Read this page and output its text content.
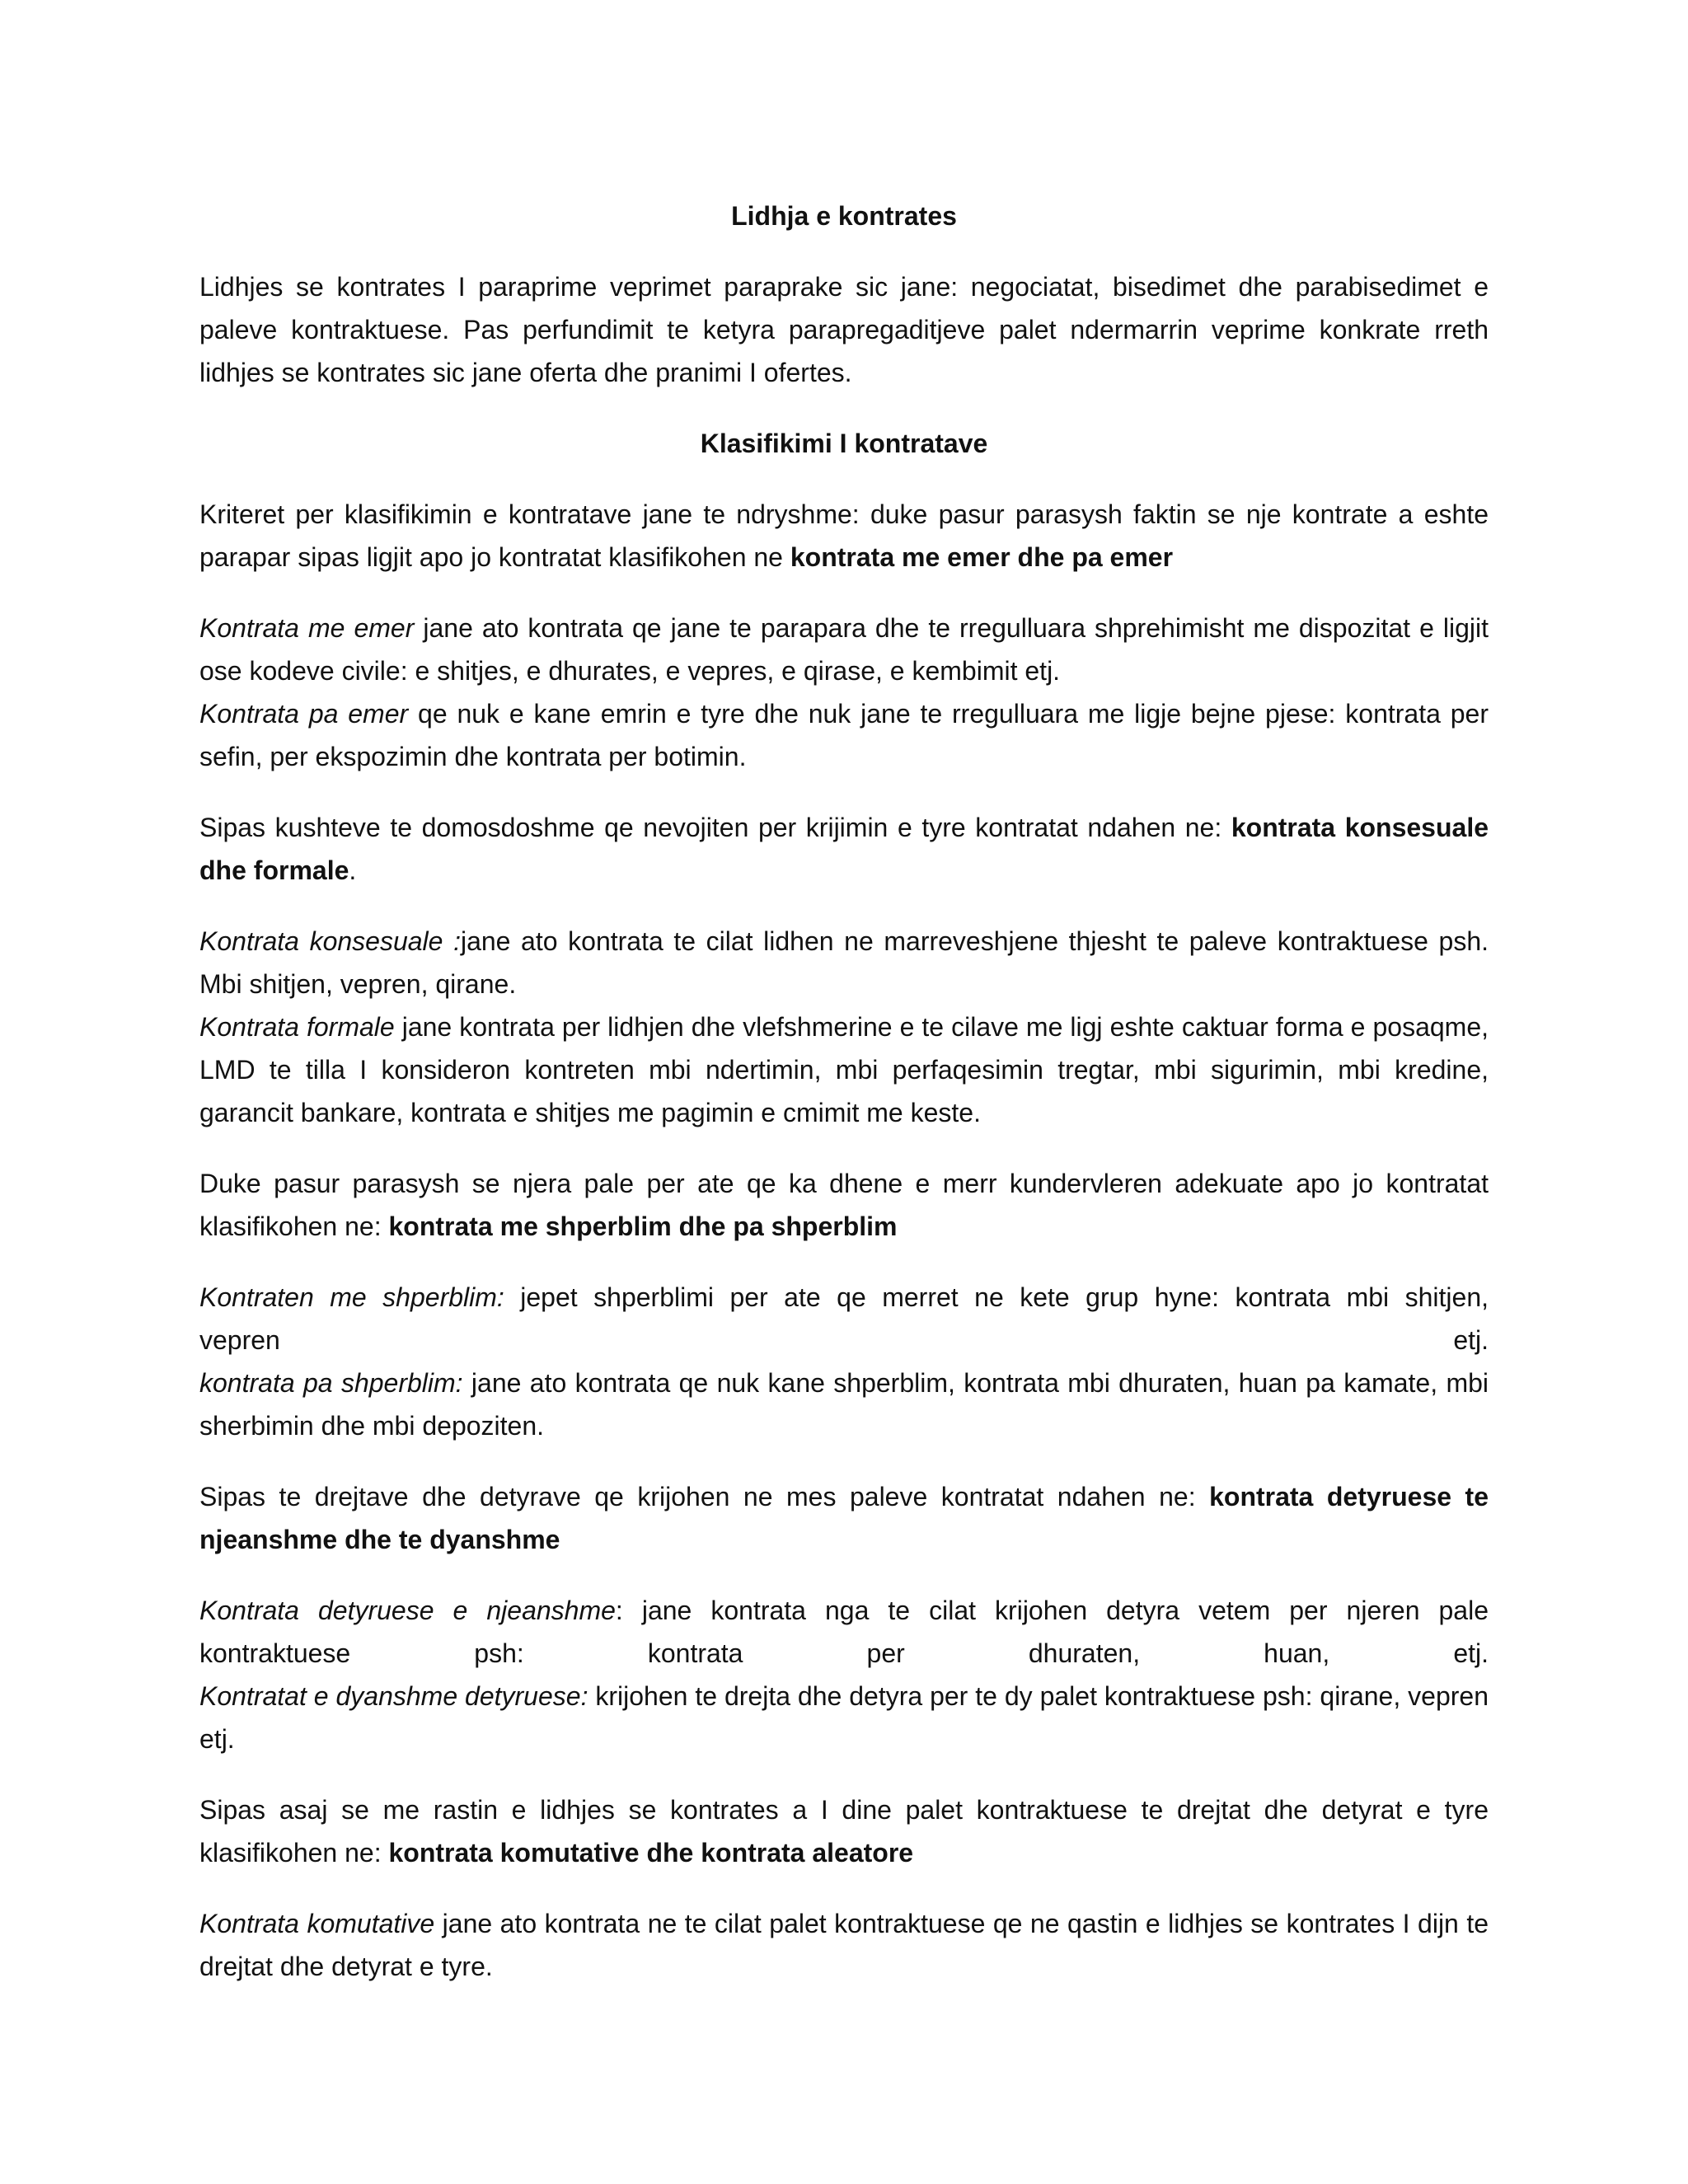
Lidhja e kontrates

Lidhjes se kontrates I paraprime veprimet paraprake sic jane: negociatat, bisedimet dhe parabisedimet e paleve kontraktuese. Pas perfundimit te ketyra parapregaditjeve palet ndermarrin veprime konkrate rreth lidhjes se kontrates sic jane oferta dhe pranimi I ofertes.

Klasifikimi I kontratave

Kriteret per klasifikimin e kontratave jane te ndryshme: duke pasur parasysh faktin se nje kontrate a eshte parapar sipas ligjit apo jo kontratat klasifikohen ne kontrata me emer dhe pa emer

Kontrata me emer jane ato kontrata qe jane te parapara dhe te rregulluara shprehimisht me dispozitat e ligjit ose kodeve civile: e shitjes, e dhurates, e vepres, e qirase, e kembimit etj.
Kontrata pa emer qe nuk e kane emrin e tyre dhe nuk jane te rregulluara me ligje bejne pjese: kontrata per sefin, per ekspozimin dhe kontrata per botimin.

Sipas kushteve te domosdoshme qe nevojiten per krijimin e tyre kontratat ndahen ne: kontrata konsesuale dhe formale.

Kontrata konsesuale :jane ato kontrata te cilat lidhen ne marreveshjene thjesht te paleve kontraktuese psh. Mbi shitjen, vepren, qirane.
Kontrata formale jane kontrata per lidhjen dhe vlefshmerine e te cilave me ligj eshte caktuar forma e posaqme, LMD te tilla I konsideron kontreten mbi ndertimin, mbi perfaqesimin tregtar, mbi sigurimin, mbi kredine, garancit bankare, kontrata e shitjes me pagimin e cmimit me keste.

Duke pasur parasysh se njera pale per ate qe ka dhene e merr kundervleren adekuate apo jo kontratat klasifikohen ne: kontrata me shperblim dhe pa shperblim

Kontraten me shperblim: jepet shperblimi per ate qe merret ne kete grup hyne: kontrata mbi shitjen,
vepren etj.
kontrata pa shperblim: jane ato kontrata qe nuk kane shperblim, kontrata mbi dhuraten, huan pa kamate, mbi sherbimin dhe mbi depoziten.

Sipas te drejtave dhe detyrave qe krijohen ne mes paleve kontratat ndahen ne: kontrata detyruese te njeanshme dhe te dyanshme

Kontrata detyruese e njeanshme: jane kontrata nga te cilat krijohen detyra vetem per njeren pale
kontraktuese psh: kontrata per dhuraten, huan, etj.
Kontratat e dyanshme detyruese: krijohen te drejta dhe detyra per te dy palet kontraktuese psh: qirane, vepren etj.

Sipas asaj se me rastin e lidhjes se kontrates a I dine palet kontraktuese te drejtat dhe detyrat e tyre klasifikohen ne: kontrata komutative dhe kontrata aleatore

Kontrata komutative jane ato kontrata ne te cilat palet kontraktuese qe ne qastin e lidhjes se kontrates I dijn te drejtat dhe detyrat e tyre.
